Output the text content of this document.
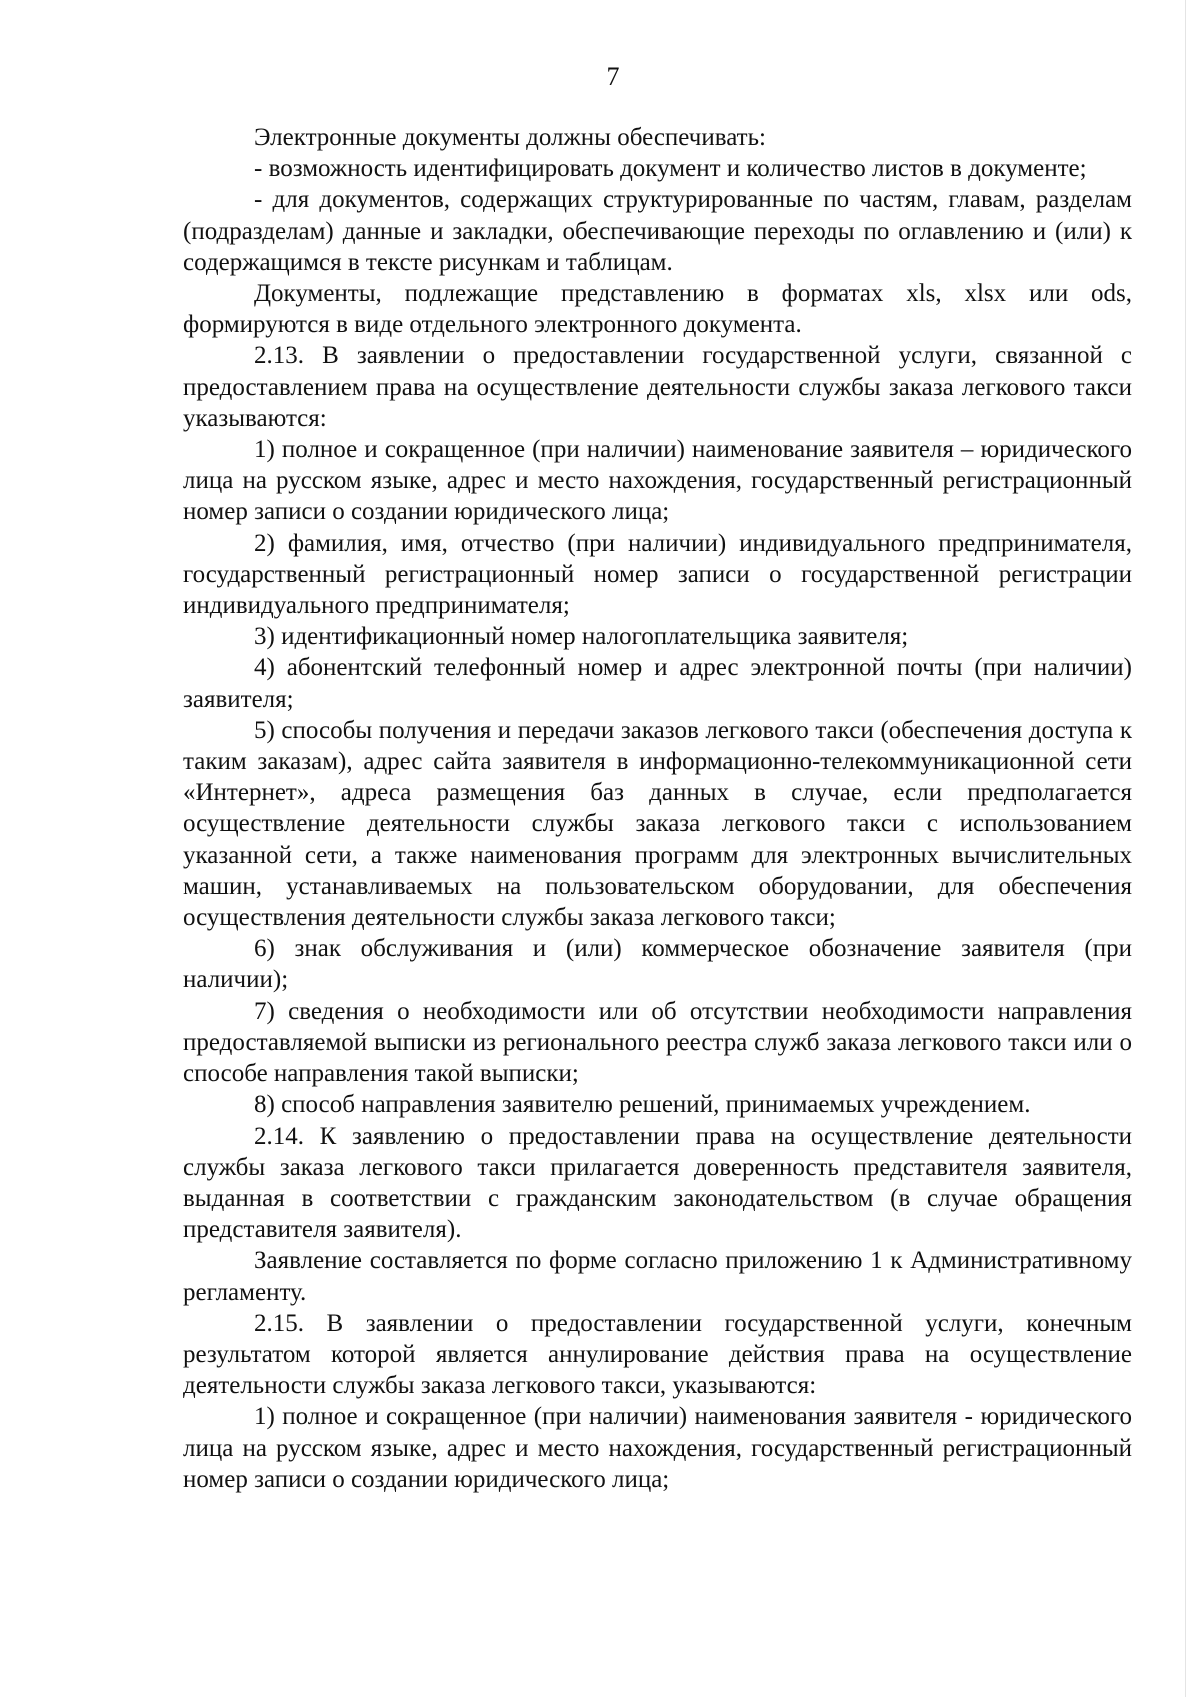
7

Электронные документы должны обеспечивать:

- возможность идентифицировать документ и количество листов в документе;

- для документов, содержащих структурированные по частям, главам, разделам (подразделам) данные и закладки, обеспечивающие переходы по оглавлению и (или) к содержащимся в тексте рисункам и таблицам.

Документы, подлежащие представлению в форматах xls, xlsx или ods, формируются в виде отдельного электронного документа.

2.13. В заявлении о предоставлении государственной услуги, связанной с предоставлением права на осуществление деятельности службы заказа легкового такси указываются:

1) полное и сокращенное (при наличии) наименование заявителя – юридического лица на русском языке, адрес и место нахождения, государственный регистрационный номер записи о создании юридического лица;

2) фамилия, имя, отчество (при наличии) индивидуального предпринимателя, государственный регистрационный номер записи о государственной регистрации индивидуального предпринимателя;

3) идентификационный номер налогоплательщика заявителя;

4) абонентский телефонный номер и адрес электронной почты (при наличии) заявителя;

5) способы получения и передачи заказов легкового такси (обеспечения доступа к таким заказам), адрес сайта заявителя в информационно-телекоммуникационной сети «Интернет», адреса размещения баз данных в случае, если предполагается осуществление деятельности службы заказа легкового такси с использованием указанной сети, а также наименования программ для электронных вычислительных машин, устанавливаемых на пользовательском оборудовании, для обеспечения осуществления деятельности службы заказа легкового такси;

6) знак обслуживания и (или) коммерческое обозначение заявителя (при наличии);

7) сведения о необходимости или об отсутствии необходимости направления предоставляемой выписки из регионального реестра служб заказа легкового такси или о способе направления такой выписки;

8) способ направления заявителю решений, принимаемых учреждением.

2.14. К заявлению о предоставлении права на осуществление деятельности службы заказа легкового такси прилагается доверенность представителя заявителя, выданная в соответствии с гражданским законодательством (в случае обращения представителя заявителя).

Заявление составляется по форме согласно приложению 1 к Административному регламенту.

2.15. В заявлении о предоставлении государственной услуги, конечным результатом которой является аннулирование действия права на осуществление деятельности службы заказа легкового такси, указываются:

1) полное и сокращенное (при наличии) наименования заявителя - юридического лица на русском языке, адрес и место нахождения, государственный регистрационный номер записи о создании юридического лица;
